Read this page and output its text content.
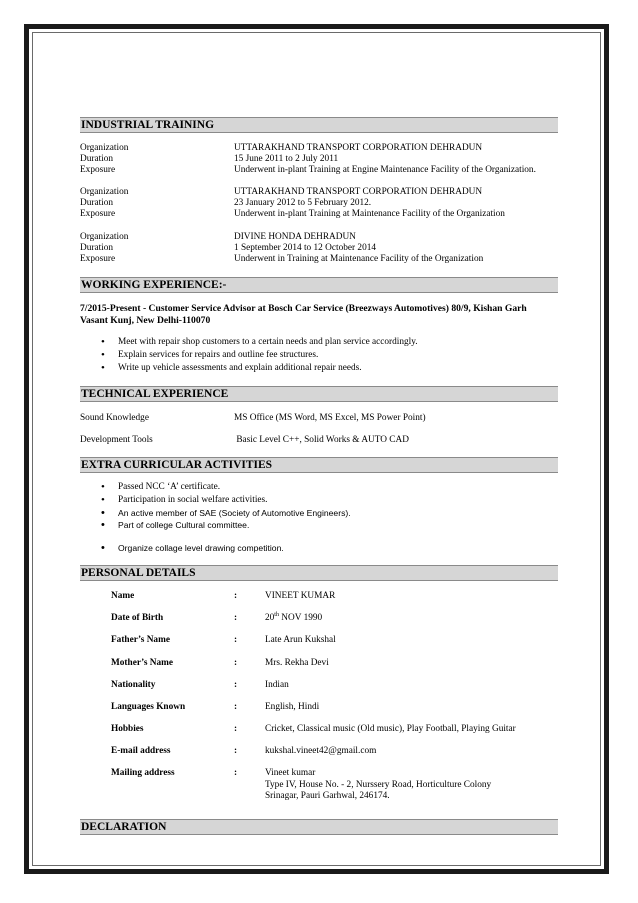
INDUSTRIAL TRAINING
Organization	UTTARAKHAND TRANSPORT CORPORATION DEHRADUN
Duration	15 June 2011 to 2 July 2011
Exposure	Underwent in-plant Training at Engine Maintenance Facility of the Organization.
Organization	UTTARAKHAND TRANSPORT CORPORATION DEHRADUN
Duration	23 January 2012 to 5 February 2012.
Exposure	Underwent in-plant Training at Maintenance Facility of the Organization
Organization	DIVINE HONDA DEHRADUN
Duration	1 September 2014 to 12 October 2014
Exposure	Underwent in Training at Maintenance Facility of the Organization
WORKING EXPERIENCE:-
7/2015-Present - Customer Service Advisor at Bosch Car Service (Breezways Automotives) 80/9, Kishan Garh
Vasant Kunj, New Delhi-110070
• Meet with repair shop customers to a certain needs and plan service accordingly.
• Explain services for repairs and outline fee structures.
• Write up vehicle assessments and explain additional repair needs.
TECHNICAL EXPERIENCE
Sound Knowledge	MS Office (MS Word, MS Excel, MS Power Point)
Development Tools	Basic Level C++, Solid Works & AUTO CAD
EXTRA CURRICULAR ACTIVITIES
• Passed NCC ‘A’ certificate.
• Participation in social welfare activities.
• An active member of SAE (Society of Automotive Engineers).
• Part of college Cultural committee.
• Organize collage level drawing competition.
PERSONAL DETAILS
Name	:	VINEET KUMAR
Date of Birth	:	20th NOV 1990
Father’s Name	:	Late Arun Kukshal
Mother’s Name	:	Mrs. Rekha Devi
Nationality	:	Indian
Languages Known	:	English, Hindi
Hobbies	:	Cricket, Classical music (Old music), Play Football, Playing Guitar
E-mail address	:	kukshal.vineet42@gmail.com
Mailing address	:	Vineet kumar
Type IV, House No. - 2, Nurssery Road, Horticulture Colony
Srinagar, Pauri Garhwal, 246174.
DECLARATION
